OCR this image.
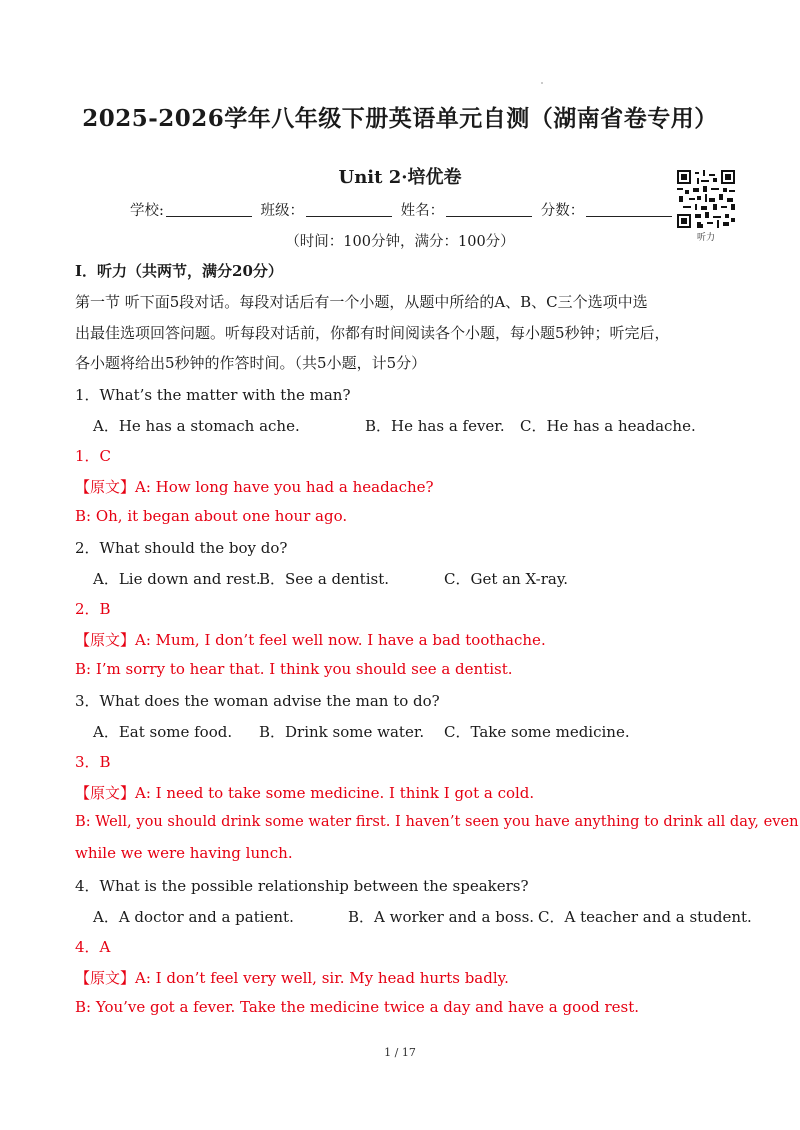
2025-2026学年八年级下册英语单元自测（湖南省卷专用）
Unit 2·培优卷
学校:	班级：	姓名：	分数：
（时间：100分钟，满分：100分）	听力
I．听力（共两节，满分20分）
第一节 听下面5段对话。每段对话后有一个小题，从题中所给的A、B、C三个选项中选
出最佳选项回答问题。听每段对话前，你都有时间阅读各个小题，每小题5秒钟；听完后，
各小题将给出5秒钟的作答时间。（共5小题，计5分）
1．What’s the matter with the man?
A．He has a stomach ache.	B．He has a fever. C．He has a headache.
1．C
【原文】A: How long have you had a headache?
B: Oh, it began about one hour ago.
2．What should the boy do?
A．Lie down and rest.
B．See a dentist.	C．Get an X-ray.
2．B
【原文】A: Mum, I don’t feel well now. I have a bad toothache.
B: I’m sorry to hear that. I think you should see a dentist.
3．What does the woman advise the man to do?
A．Eat some food. B．Drink some water. C．Take some medicine.
3．B
【原文】A: I need to take some medicine. I think I got a cold.
B: Well, you should drink some water first. I haven’t seen you have anything to drink all day, even
while we were having lunch.
4．What is the possible relationship between the speakers?
A．A doctor and a patient.	B．A worker and a boss. C．A teacher and a student.
4．A
【原文】A: I don’t feel very well, sir. My head hurts badly.
B: You’ve got a fever. Take the medicine twice a day and have a good rest.
1 / 17
